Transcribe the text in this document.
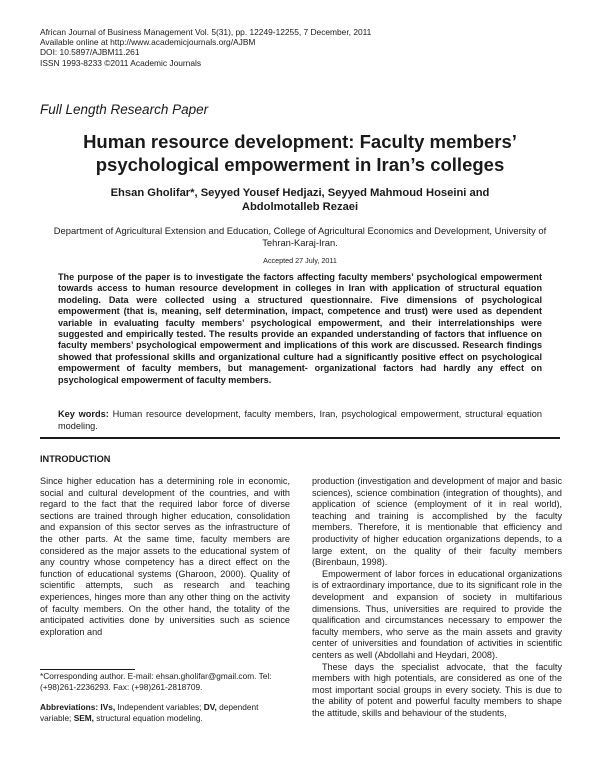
African Journal of Business Management Vol. 5(31), pp. 12249-12255, 7 December, 2011
Available online at http://www.academicjournals.org/AJBM
DOI: 10.5897/AJBM11.261
ISSN 1993-8233 ©2011 Academic Journals
Full Length Research Paper
Human resource development: Faculty members’
psychological empowerment in Iran’s colleges
Ehsan Gholifar*, Seyyed Yousef Hedjazi, Seyyed Mahmoud Hoseini and
Abdolmotalleb Rezaei
Department of Agricultural Extension and Education, College of Agricultural Economics and Development, University of Tehran-Karaj-Iran.
Accepted 27 July, 2011
The purpose of the paper is to investigate the factors affecting faculty members’ psychological empowerment towards access to human resource development in colleges in Iran with application of structural equation modeling. Data were collected using a structured questionnaire. Five dimensions of psychological empowerment (that is, meaning, self determination, impact, competence and trust) were used as dependent variable in evaluating faculty members’ psychological empowerment, and their interrelationships were suggested and empirically tested. The results provide an expanded understanding of factors that influence on faculty members’ psychological empowerment and implications of this work are discussed. Research findings showed that professional skills and organizational culture had a significantly positive effect on psychological empowerment of faculty members, but management- organizational factors had hardly any effect on psychological empowerment of faculty members.
Key words: Human resource development, faculty members, Iran, psychological empowerment, structural equation modeling.
INTRODUCTION

Since higher education has a determining role in economic, social and cultural development of the countries, and with regard to the fact that the required labor force of diverse sections are trained through higher education, consolidation and expansion of this sector serves as the infrastructure of the other parts. At the same time, faculty members are considered as the major assets to the educational system of any country whose competency has a direct effect on the function of educational systems (Gharoon, 2000). Quality of scientific attempts, such as research and teaching experiences, hinges more than any other thing on the activity of faculty members. On the other hand, the totality of the anticipated activities done by universities such as science exploration and

production (investigation and development of major and basic sciences), science combination (integration of thoughts), and application of science (employment of it in real world), teaching and training is accomplished by the faculty members. Therefore, it is mentionable that efficiency and productivity of higher education organizations depends, to a large extent, on the quality of their faculty members (Birenbaun, 1998).

Empowerment of labor forces in educational organizations is of extraordinary importance, due to its significant role in the development and expansion of society in multifarious dimensions. Thus, universities are required to provide the qualification and circumstances necessary to empower the faculty members, who serve as the main assets and gravity center of universities and foundation of activities in scientific centers as well (Abdollahi and Heydari, 2008).

These days the specialist advocate, that the faculty members with high potentials, are considered as one of the most important social groups in every society. This is due to the ability of potent and powerful faculty members to shape the attitude, skills and behaviour of the students,

*Corresponding author. E-mail: ehsan.gholifar@gmail.com. Tel: (+98)261-2236293. Fax: (+98)261-2818709.
Abbreviations: IVs, Independent variables; DV, dependent variable; SEM, structural equation modeling.
